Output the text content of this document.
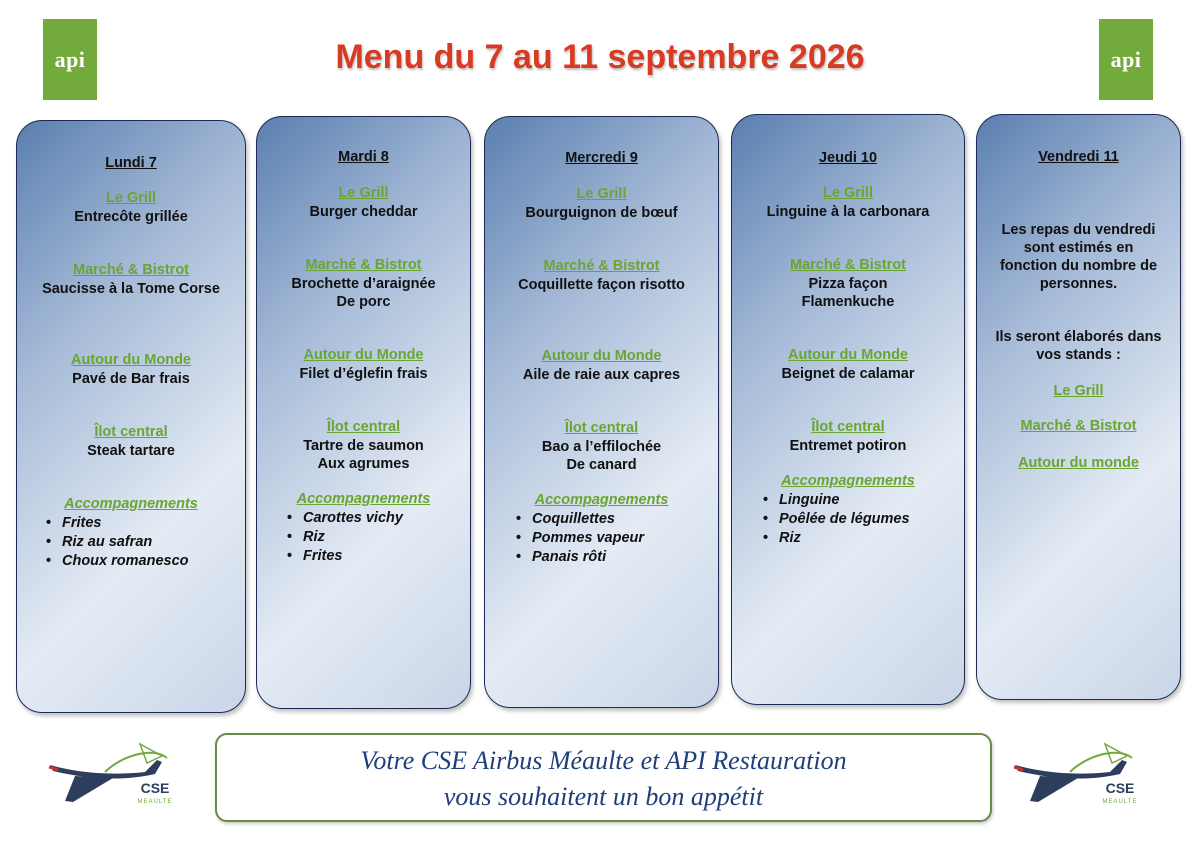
api	api
Menu du 7 au 11 septembre 2026
Lundi 7
Le Grill
Entrecôte grillée
Marché & Bistrot
Saucisse à la Tome Corse
Autour du Monde
Pavé de Bar frais
Îlot central
Steak tartare
Accompagnements
• Frites
• Riz au safran
• Choux romanesco
Mardi 8
Le Grill
Burger cheddar
Marché & Bistrot
Brochette d’araignée
De porc
Autour du Monde
Filet d’églefin frais
Îlot central
Tartre de saumon
Aux agrumes
Accompagnements
• Carottes vichy
• Riz
• Frites
Mercredi 9
Le Grill
Bourguignon de bœuf
Marché & Bistrot
Coquillette façon risotto
Autour du Monde
Aile de raie aux capres
Îlot central
Bao a l’effilochée
De canard
Accompagnements
• Coquillettes
• Pommes vapeur
• Panais rôti
Jeudi 10
Le Grill
Linguine à la carbonara
Marché & Bistrot
Pizza façon
Flamenkuche
Autour du Monde
Beignet de calamar
Îlot central
Entremet potiron
Accompagnements
• Linguine
• Poêlée de légumes
• Riz
Vendredi 11
Les repas du vendredi
sont estimés en
fonction du nombre de
personnes.
Ils seront élaborés dans
vos stands :
Le Grill
Marché & Bistrot
Autour du monde
CSE
MEAULTE
CSE
MEAULTE
Votre CSE Airbus Méaulte et API Restauration
vous souhaitent un bon appétit
